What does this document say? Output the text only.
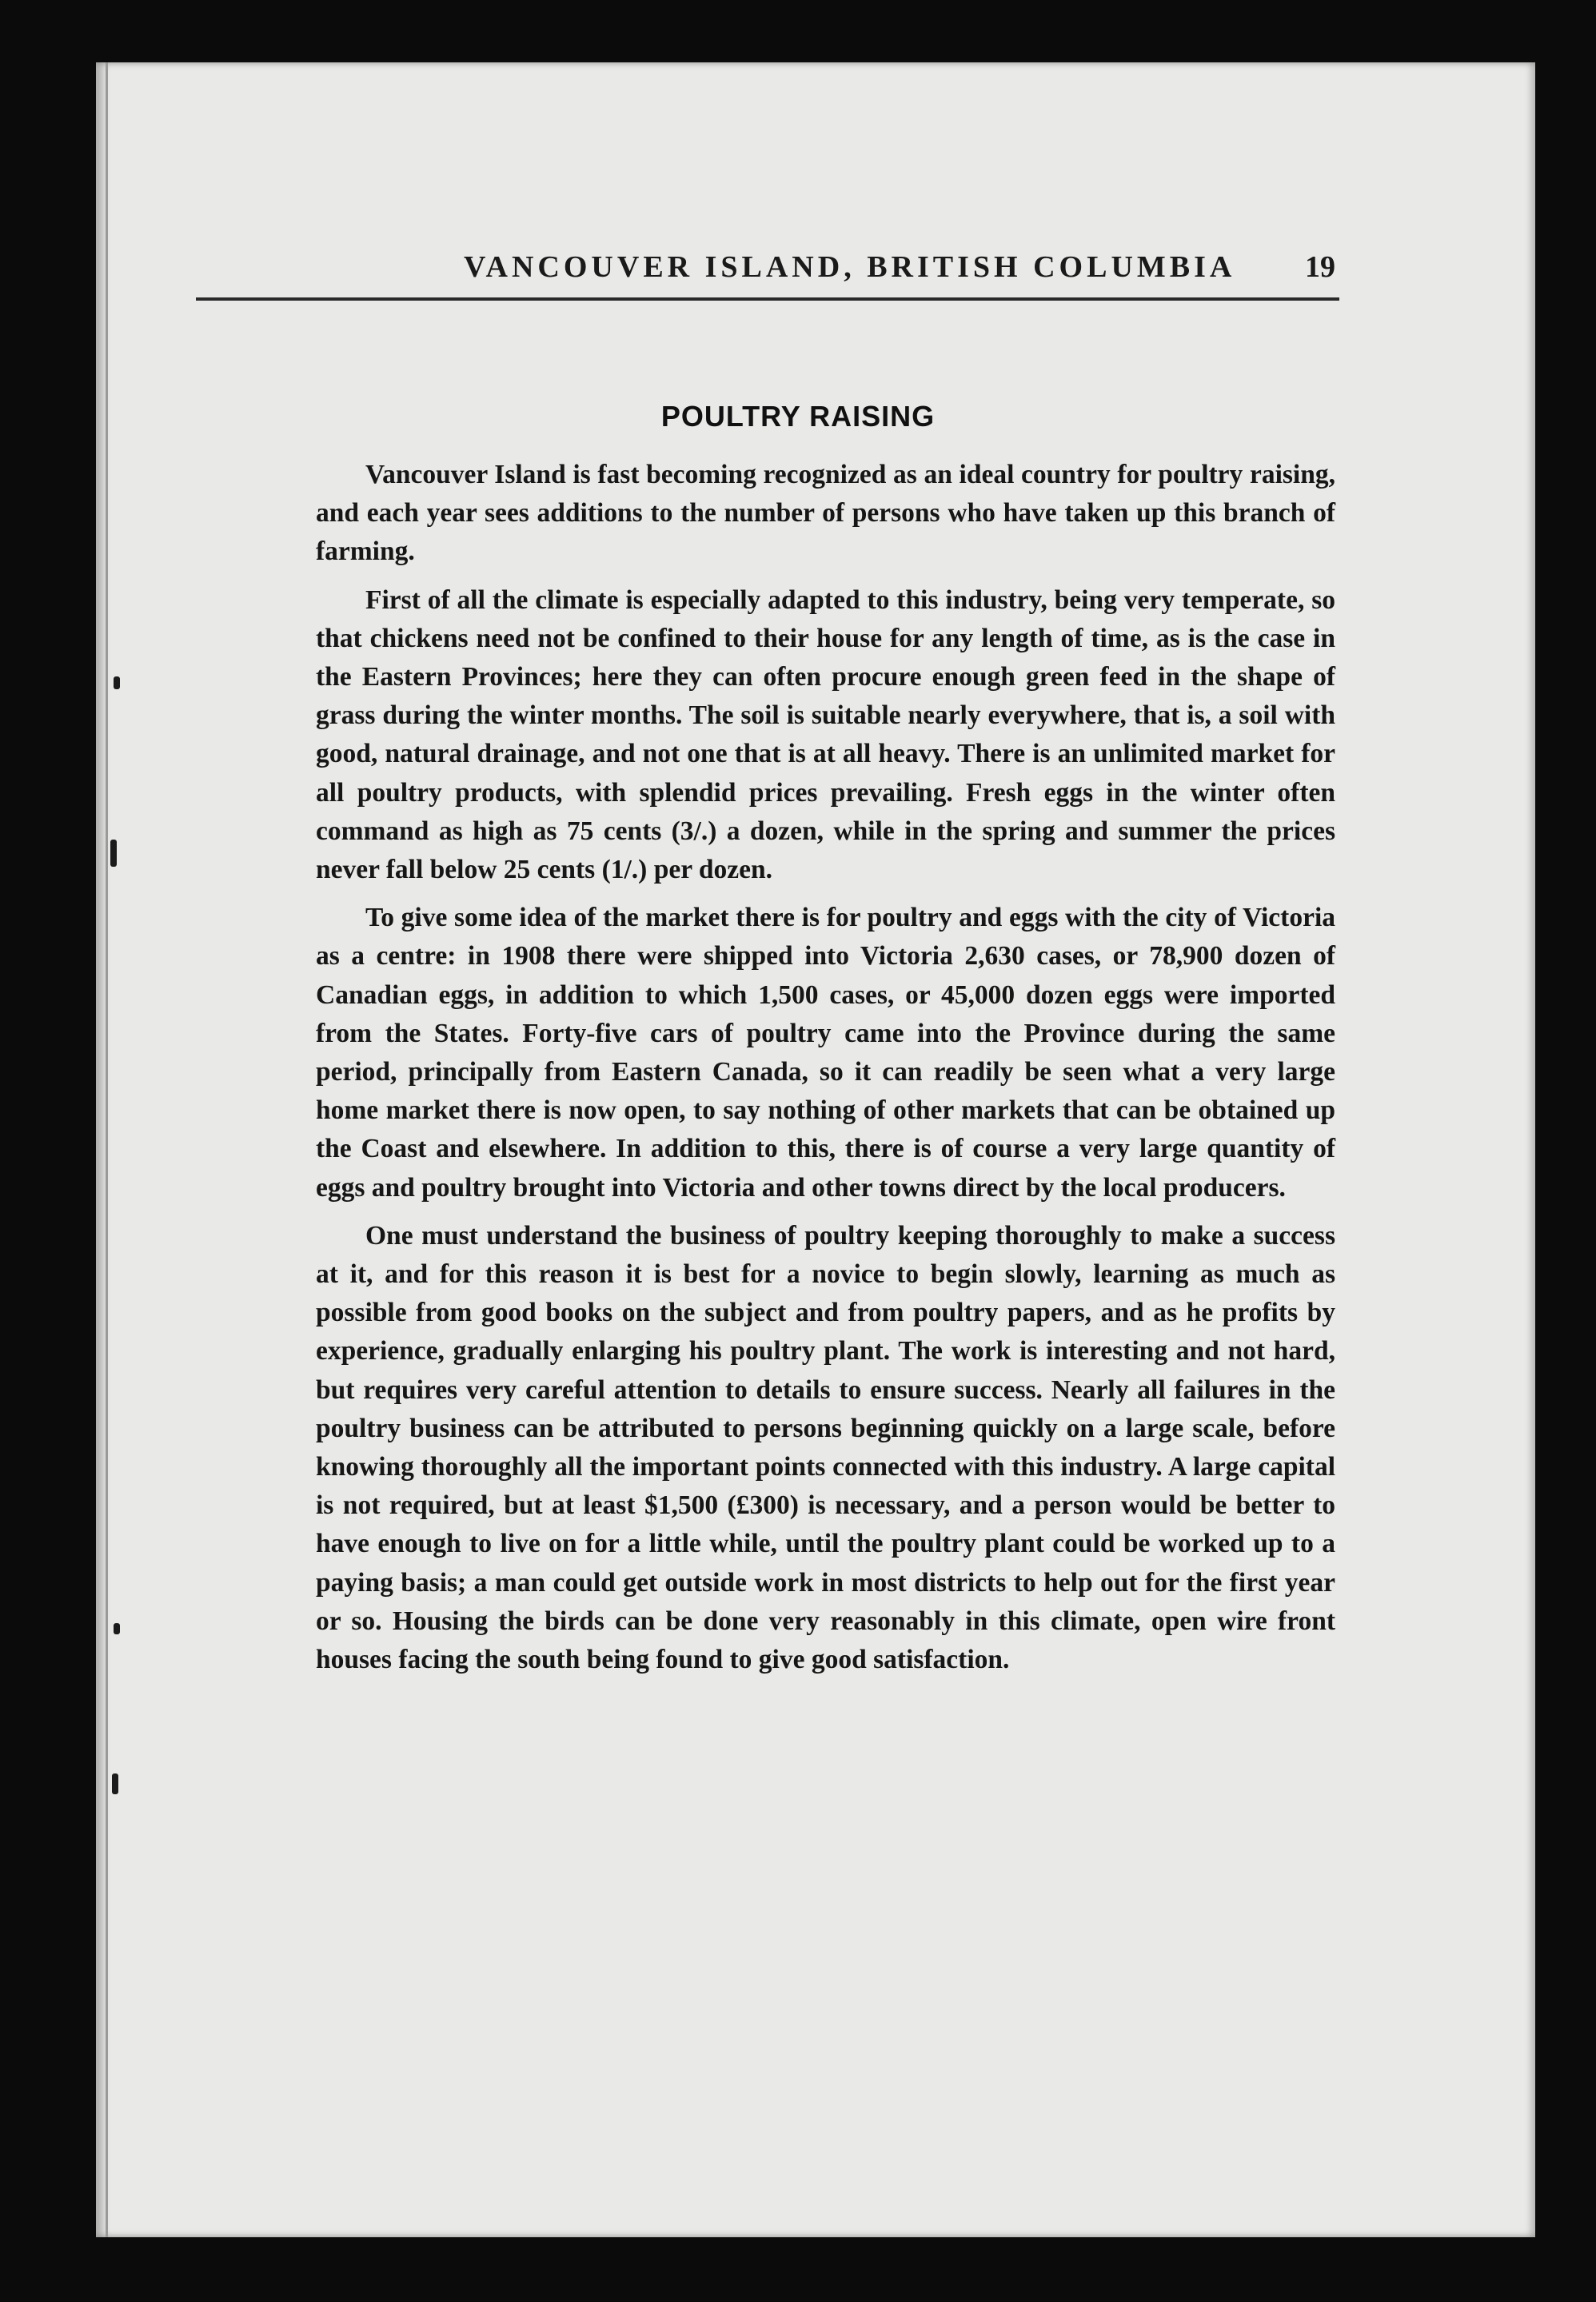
VANCOUVER ISLAND, BRITISH COLUMBIA 19
POULTRY RAISING

Vancouver Island is fast becoming recognized as an ideal country for poultry raising, and each year sees additions to the number of persons who have taken up this branch of farming.

First of all the climate is especially adapted to this industry, being very temperate, so that chickens need not be confined to their house for any length of time, as is the case in the Eastern Provinces; here they can often procure enough green feed in the shape of grass during the winter months. The soil is suitable nearly everywhere, that is, a soil with good, natural drainage, and not one that is at all heavy. There is an unlimited market for all poultry products, with splendid prices prevailing. Fresh eggs in the winter often command as high as 75 cents (3/.) a dozen, while in the spring and summer the prices never fall below 25 cents (1/.) per dozen.

To give some idea of the market there is for poultry and eggs with the city of Victoria as a centre: in 1908 there were shipped into Victoria 2,630 cases, or 78,900 dozen of Canadian eggs, in addition to which 1,500 cases, or 45,000 dozen eggs were imported from the States. Forty-five cars of poultry came into the Province during the same period, principally from Eastern Canada, so it can readily be seen what a very large home market there is now open, to say nothing of other markets that can be obtained up the Coast and elsewhere. In addition to this, there is of course a very large quantity of eggs and poultry brought into Victoria and other towns direct by the local producers.

One must understand the business of poultry keeping thoroughly to make a success at it, and for this reason it is best for a novice to begin slowly, learning as much as possible from good books on the subject and from poultry papers, and as he profits by experience, gradually enlarging his poultry plant. The work is interesting and not hard, but requires very careful attention to details to ensure success. Nearly all failures in the poultry business can be attributed to persons beginning quickly on a large scale, before knowing thoroughly all the important points connected with this industry. A large capital is not required, but at least $1,500 (£300) is necessary, and a person would be better to have enough to live on for a little while, until the poultry plant could be worked up to a paying basis; a man could get outside work in most districts to help out for the first year or so. Housing the birds can be done very reasonably in this climate, open wire front houses facing the south being found to give good satisfaction.
